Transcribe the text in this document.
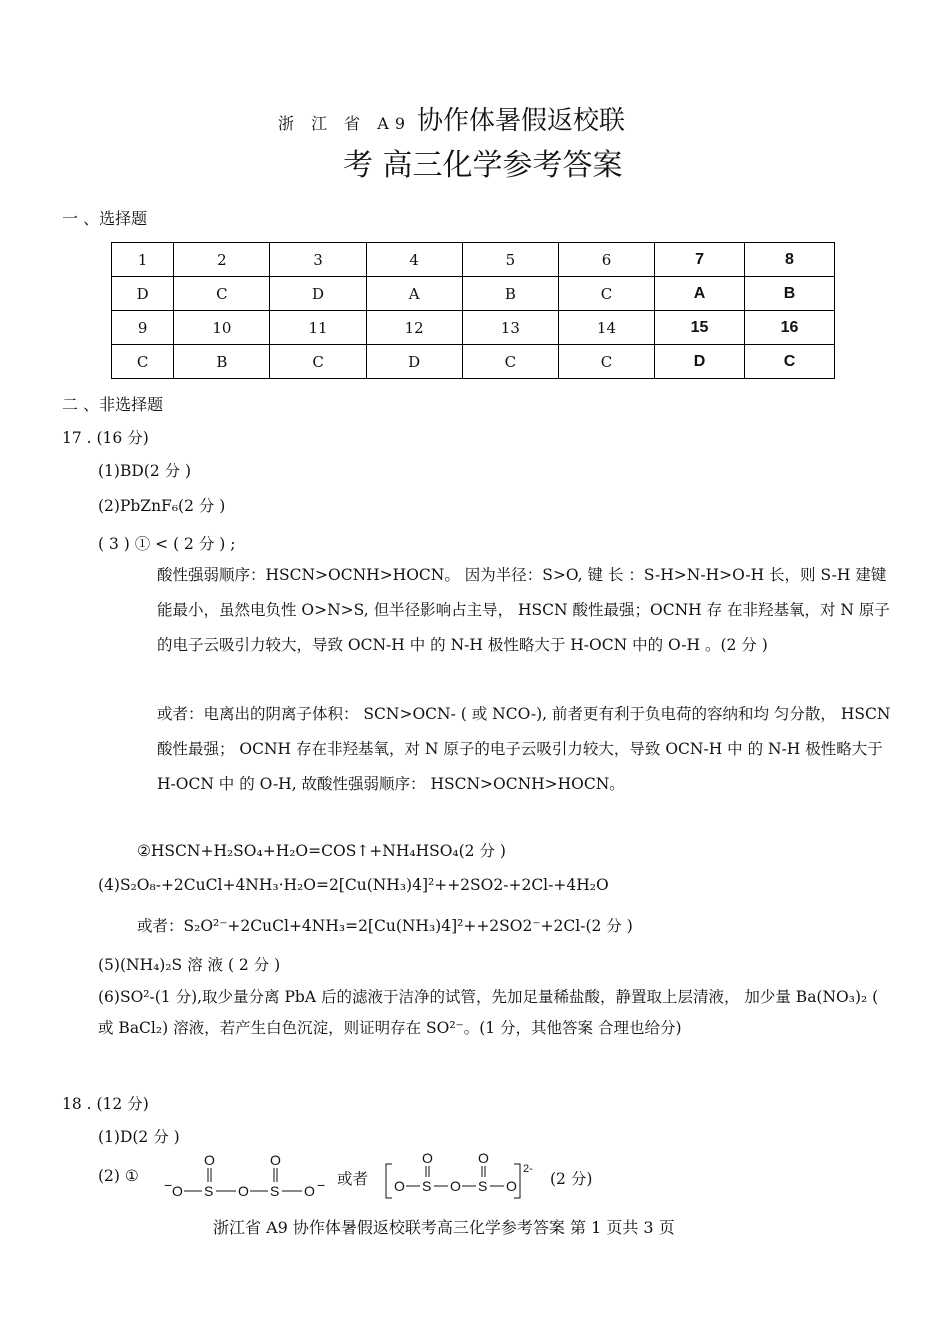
浙 江 省 A9 协作体暑假返校联
考 高三化学参考答案
一 、选择题
1	2	3	4	5	6	7	8
D	C	D	A	B	C	A	B
9	10	11	12	13	14	15	16
C	B	C	D	C	C	D	C
二 、非选择题
17 . (16 分)
(1)BD(2 分 )
(2)PbZnF₆(2 分 )
( 3 ) ① < ( 2 分 ) ;
酸性强弱顺序：HSCN>OCNH>HOCN。 因为半径：S>O, 键 长 ：S-H>N-H>O-H 长，则 S-H 建键能最小，虽然电负性 O>N>S, 但半径影响占主导， HSCN 酸性最强；OCNH 存 在非羟基氧，对 N 原子的电子云吸引力较大，导致 OCN-H 中 的 N-H 极性略大于 H-OCN 中的 O-H 。(2 分 )
或者：电离出的阴离子体积： SCN>OCN- ( 或 NCO-), 前者更有利于负电荷的容纳和均 匀分散， HSCN 酸性最强； OCNH 存在非羟基氧，对 N 原子的电子云吸引力较大，导致 OCN-H 中 的 N-H 极性略大于 H-OCN 中 的 O-H, 故酸性强弱顺序： HSCN>OCNH>HOCN。
②HSCN+H₂SO₄+H₂O=COS↑+NH₄HSO₄(2 分 )
(4)S₂O₈-+2CuCl+4NH₃·H₂O=2[Cu(NH₃)4]²++2SO2-+2Cl-+4H₂O
或者：S₂O²⁻+2CuCl+4NH₃=2[Cu(NH₃)4]²++2SO2⁻+2Cl-(2 分 )
(5)(NH₄)₂S 溶 液 ( 2 分 )
(6)SO²-(1 分),取少量分离 PbA 后的滤液于洁净的试管，先加足量稀盐酸，静置取上层清液， 加少量 Ba(NO₃)₂ ( 或 BaCl₂) 溶液，若产生白色沉淀，则证明存在 SO²⁻。(1 分，其他答案 合理也给分)
18 . (12 分)
(1)D(2 分 )
(2) ① − O S
O
O S
O
O − 或者 O S
O
O S
O
O
2-
(2 分)
浙江省 A9 协作体暑假返校联考高三化学参考答案 第 1 页共 3 页
